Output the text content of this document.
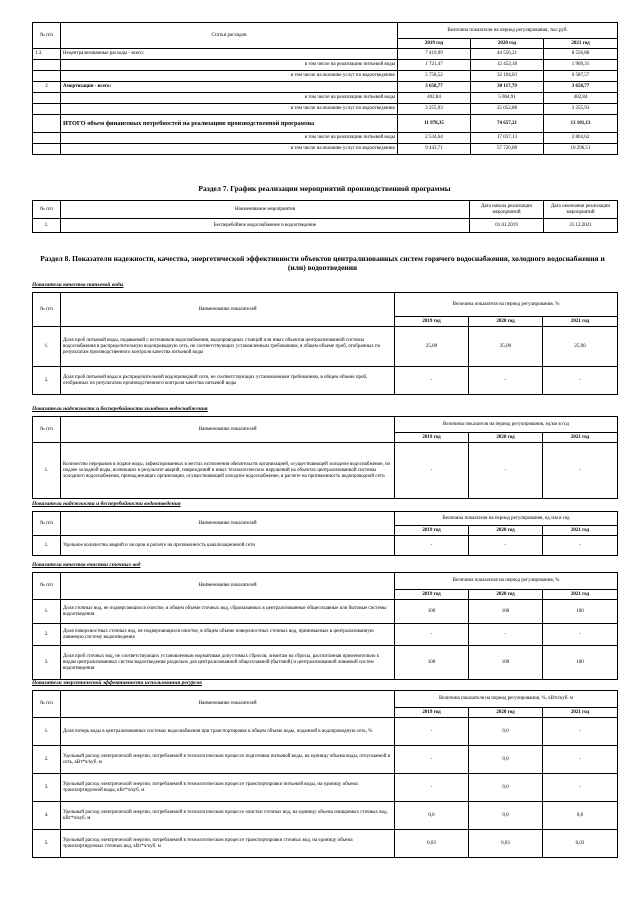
№ п/п	Статьи расходов	Величина показателя на период регулирования, тыс.руб.		
		2019 год	2020 год	2021 год
1.3.	Нецентрализованные расходы - всего:	7 419,99	44 556,21	8 556,88
	в том числе на реализацию питьевой воды	1 721,47	12 452,18	1 969,31
	в том числе на оказание услуг по водоотведению	5 758,52	32 104,03	6 587,57
2	Амортизация - всего:	3 658,77	30 117,79	3 658,77
	в том числе на реализацию питьевой воды	402,84	5 064,91	402,84
	в том числе на оказание услуг по водоотведению	3 255,93	25 052,88	3 255,93
	ИТОГО объем финансовых потребностей на реализацию производственной программы	11 978,35	74 657,21	13 101,13
	в том числе на реализацию питьевой воды	2 534,64	17 037,13	2 804,62
	в том числе на оказание услуг по водоотведению	9 443,71	57 720,08	10 296,51
Раздел 7. График реализации мероприятий производственной программы
№ п/п	Наименование мероприятия	Дата начала реализации мероприятий	Дата окончания реализации мероприятий
1.	Бесперебойное водоснабжение и водоотведение	01.01.2019	31.12.2021
Раздел 8. Показатели надежности, качества, энергетической эффективности объектов централизованных систем горячего водоснабжения, холодного водоснабжения и (или) водоотведения
Показатели качества питьевой воды
№ п/п	Наименование показателей	Величина показателя на период регулирования, %		
		2019 год	2020 год	2021 год
1.	Доля проб питьевой воды, подаваемой с источников водоснабжения, водопроводных станций или иных объектов централизованной системы водоснабжения в распределительную водопроводную сеть, не соответствующих установленным требованиям, в общем объеме проб, отобранных по результатам производственного контроля качества питьевой воды	25,00	25,00	25,00
2.	Доля проб питьевой воды в распределительной водопроводной сети, не соответствующих установленным требованиям, в общем объеме проб, отобранных по результатам производственного контроля качества питьевой воды	-	-	-
Показатели надежности и бесперебойности холодного водоснабжения
№ п/п	Наименование показателей	Величина показателя на период регулирования, ед/км в год		
		2019 год	2020 год	2021 год
1.	Количество перерывов в подаче воды, зафиксированных в местах исполнения обязательств организацией, осуществляющей холодное водоснабжение, по подаче холодной воды, возникших в результате аварий, повреждений и иных технологических нарушений на объектах централизованной системы холодного водоснабжения, принадлежащих организации, осуществляющей холодное водоснабжение, в расчете на протяженность водопроводной сети	-	-	-
Показатели надежности и бесперебойности водоотведения
№ п/п	Наименование показателей	Величина показателя на период регулирования, ед./км в год		
		2019 год	2020 год	2021 год
1.	Удельное количество аварий и засоров в расчете на протяженность канализационной сети	-	-	-
Показатели качества очистки сточных вод
№ п/п	Наименование показателей	Величина показателя на период регулирования, %		
		2019 год	2020 год	2021 год
1.	Доля сточных вод, не подвергающихся очистке, в общем объеме сточных вод, сбрасываемых в централизованные общесплавные или бытовые системы водоотведения	100	100	100
2.	Доля поверхностных сточных вод, не подвергающихся очистке, в общем объеме поверхностных сточных вод, принимаемых в централизованную ливневую систему водоотведения	-	-	-
3.	Доля проб сточных вод, не соответствующих установленным нормативам допустимых сбросов, лимитам на сбросы, рассчитанная применительно к видам централизованных систем водоотведения раздельно для централизованной общесплавной (бытовой) и централизованной ливневой систем водоотведения	100	100	100
Показатели энергетической эффективности использования ресурсов
№ п/п	Наименование показателей	Величина показателя на период регулирования, %, кВтч/куб. м		
		2019 год	2020 год	2021 год
1.	Доля потерь воды в централизованных системах водоснабжения при транспортировке в общем объеме воды, поданной в водопроводную сеть, %	-	0,0	-
2.	Удельный расход электрической энергии, потребляемой в технологическом процессе подготовки питьевой воды, на единицу объема воды, отпускаемой в сеть, кВт*ч/куб. м	-	0,0	-
3.	Удельный расход электрической энергии, потребляемой в технологическом процессе транспортировки питьевой воды, на единицу объема транспортируемой воды, кВт*ч/куб. м	-	0,0	-
4.	Удельный расход электрической энергии, потребляемой в технологическом процессе очистки сточных вод, на единицу объема очищаемых сточных вод, кВт*ч/куб. м	0,0	0,0	0,0
5.	Удельный расход электрической энергии, потребляемой в технологическом процессе транспортировки сточных вод, на единицу объема транспортируемых сточных вод, кВт*ч/куб. м	0,03	0,03	0,03
